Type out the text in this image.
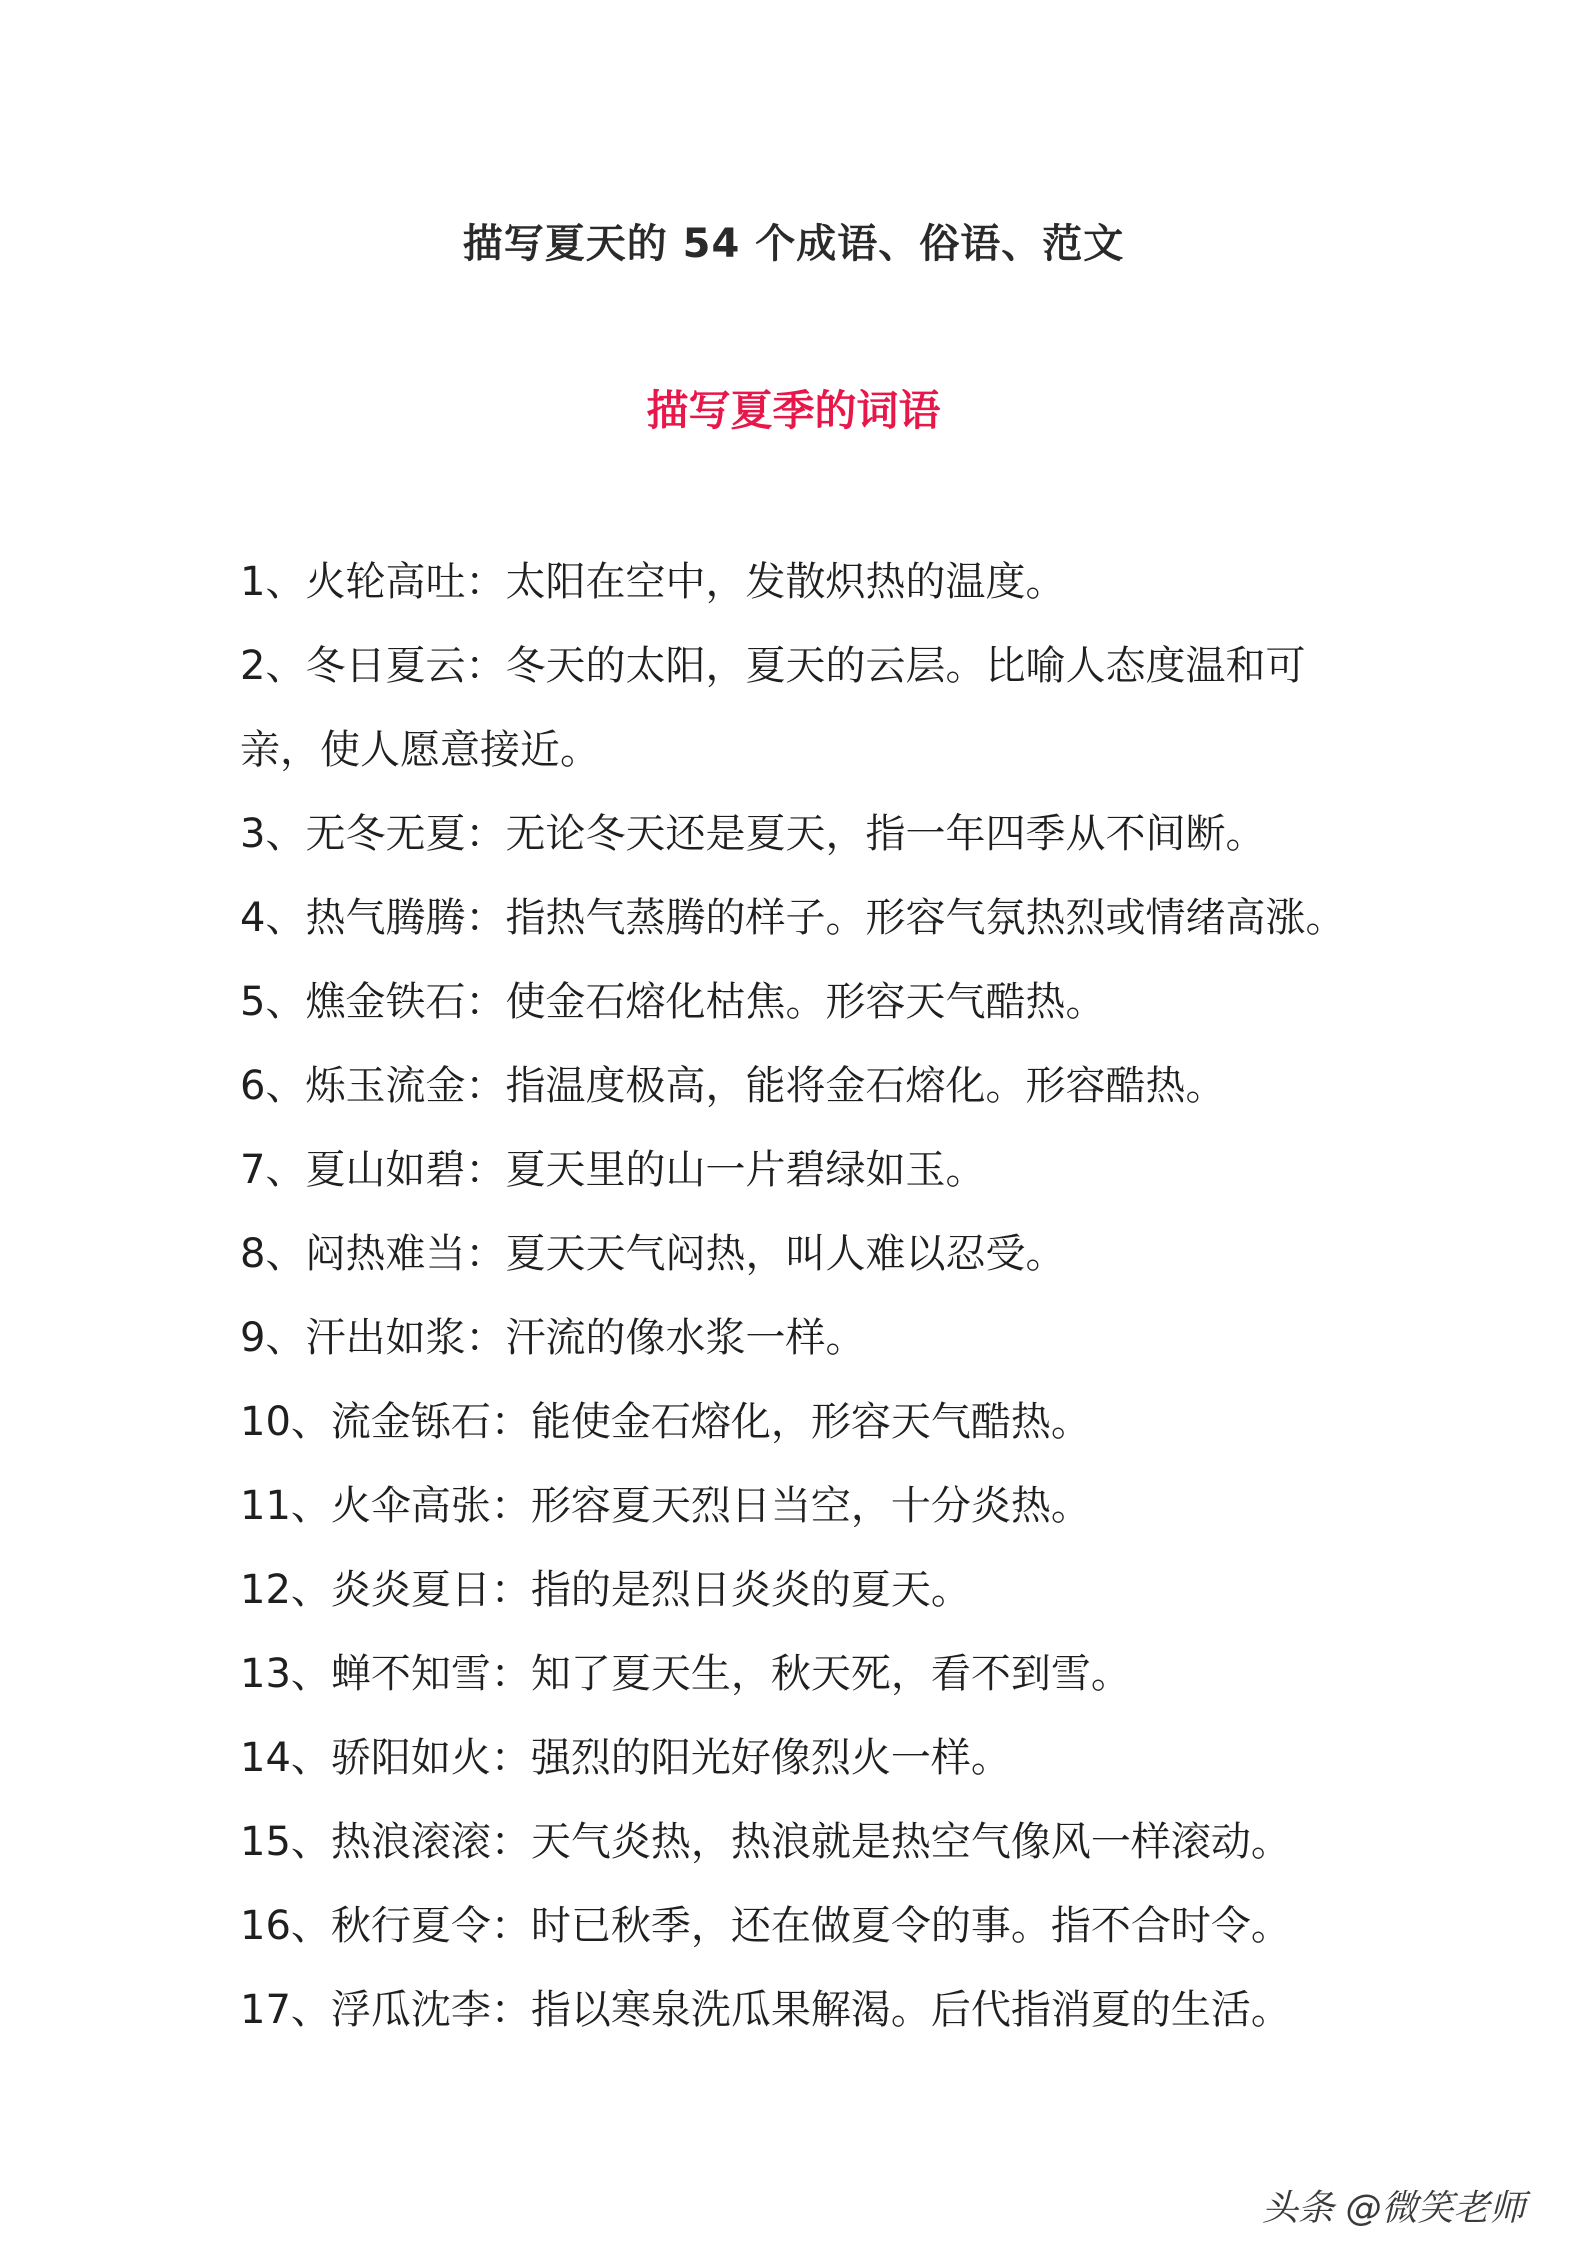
描写夏天的 54 个成语、俗语、范文
描写夏季的词语
1、火轮高吐：太阳在空中，发散炽热的温度。
2、冬日夏云：冬天的太阳，夏天的云层。比喻人态度温和可亲，使人愿意接近。
3、无冬无夏：无论冬天还是夏天，指一年四季从不间断。
4、热气腾腾：指热气蒸腾的样子。形容气氛热烈或情绪高涨。
5、燋金铁石：使金石熔化枯焦。形容天气酷热。
6、烁玉流金：指温度极高，能将金石熔化。形容酷热。
7、夏山如碧：夏天里的山一片碧绿如玉。
8、闷热难当：夏天天气闷热，叫人难以忍受。
9、汗出如浆：汗流的像水浆一样。
10、流金铄石：能使金石熔化，形容天气酷热。
11、火伞高张：形容夏天烈日当空，十分炎热。
12、炎炎夏日：指的是烈日炎炎的夏天。
13、蝉不知雪：知了夏天生，秋天死，看不到雪。
14、骄阳如火：强烈的阳光好像烈火一样。
15、热浪滚滚：天气炎热，热浪就是热空气像风一样滚动。
16、秋行夏令：时已秋季，还在做夏令的事。指不合时令。
17、浮瓜沈李：指以寒泉洗瓜果解渴。后代指消夏的生活。
头条 @微笑老师
